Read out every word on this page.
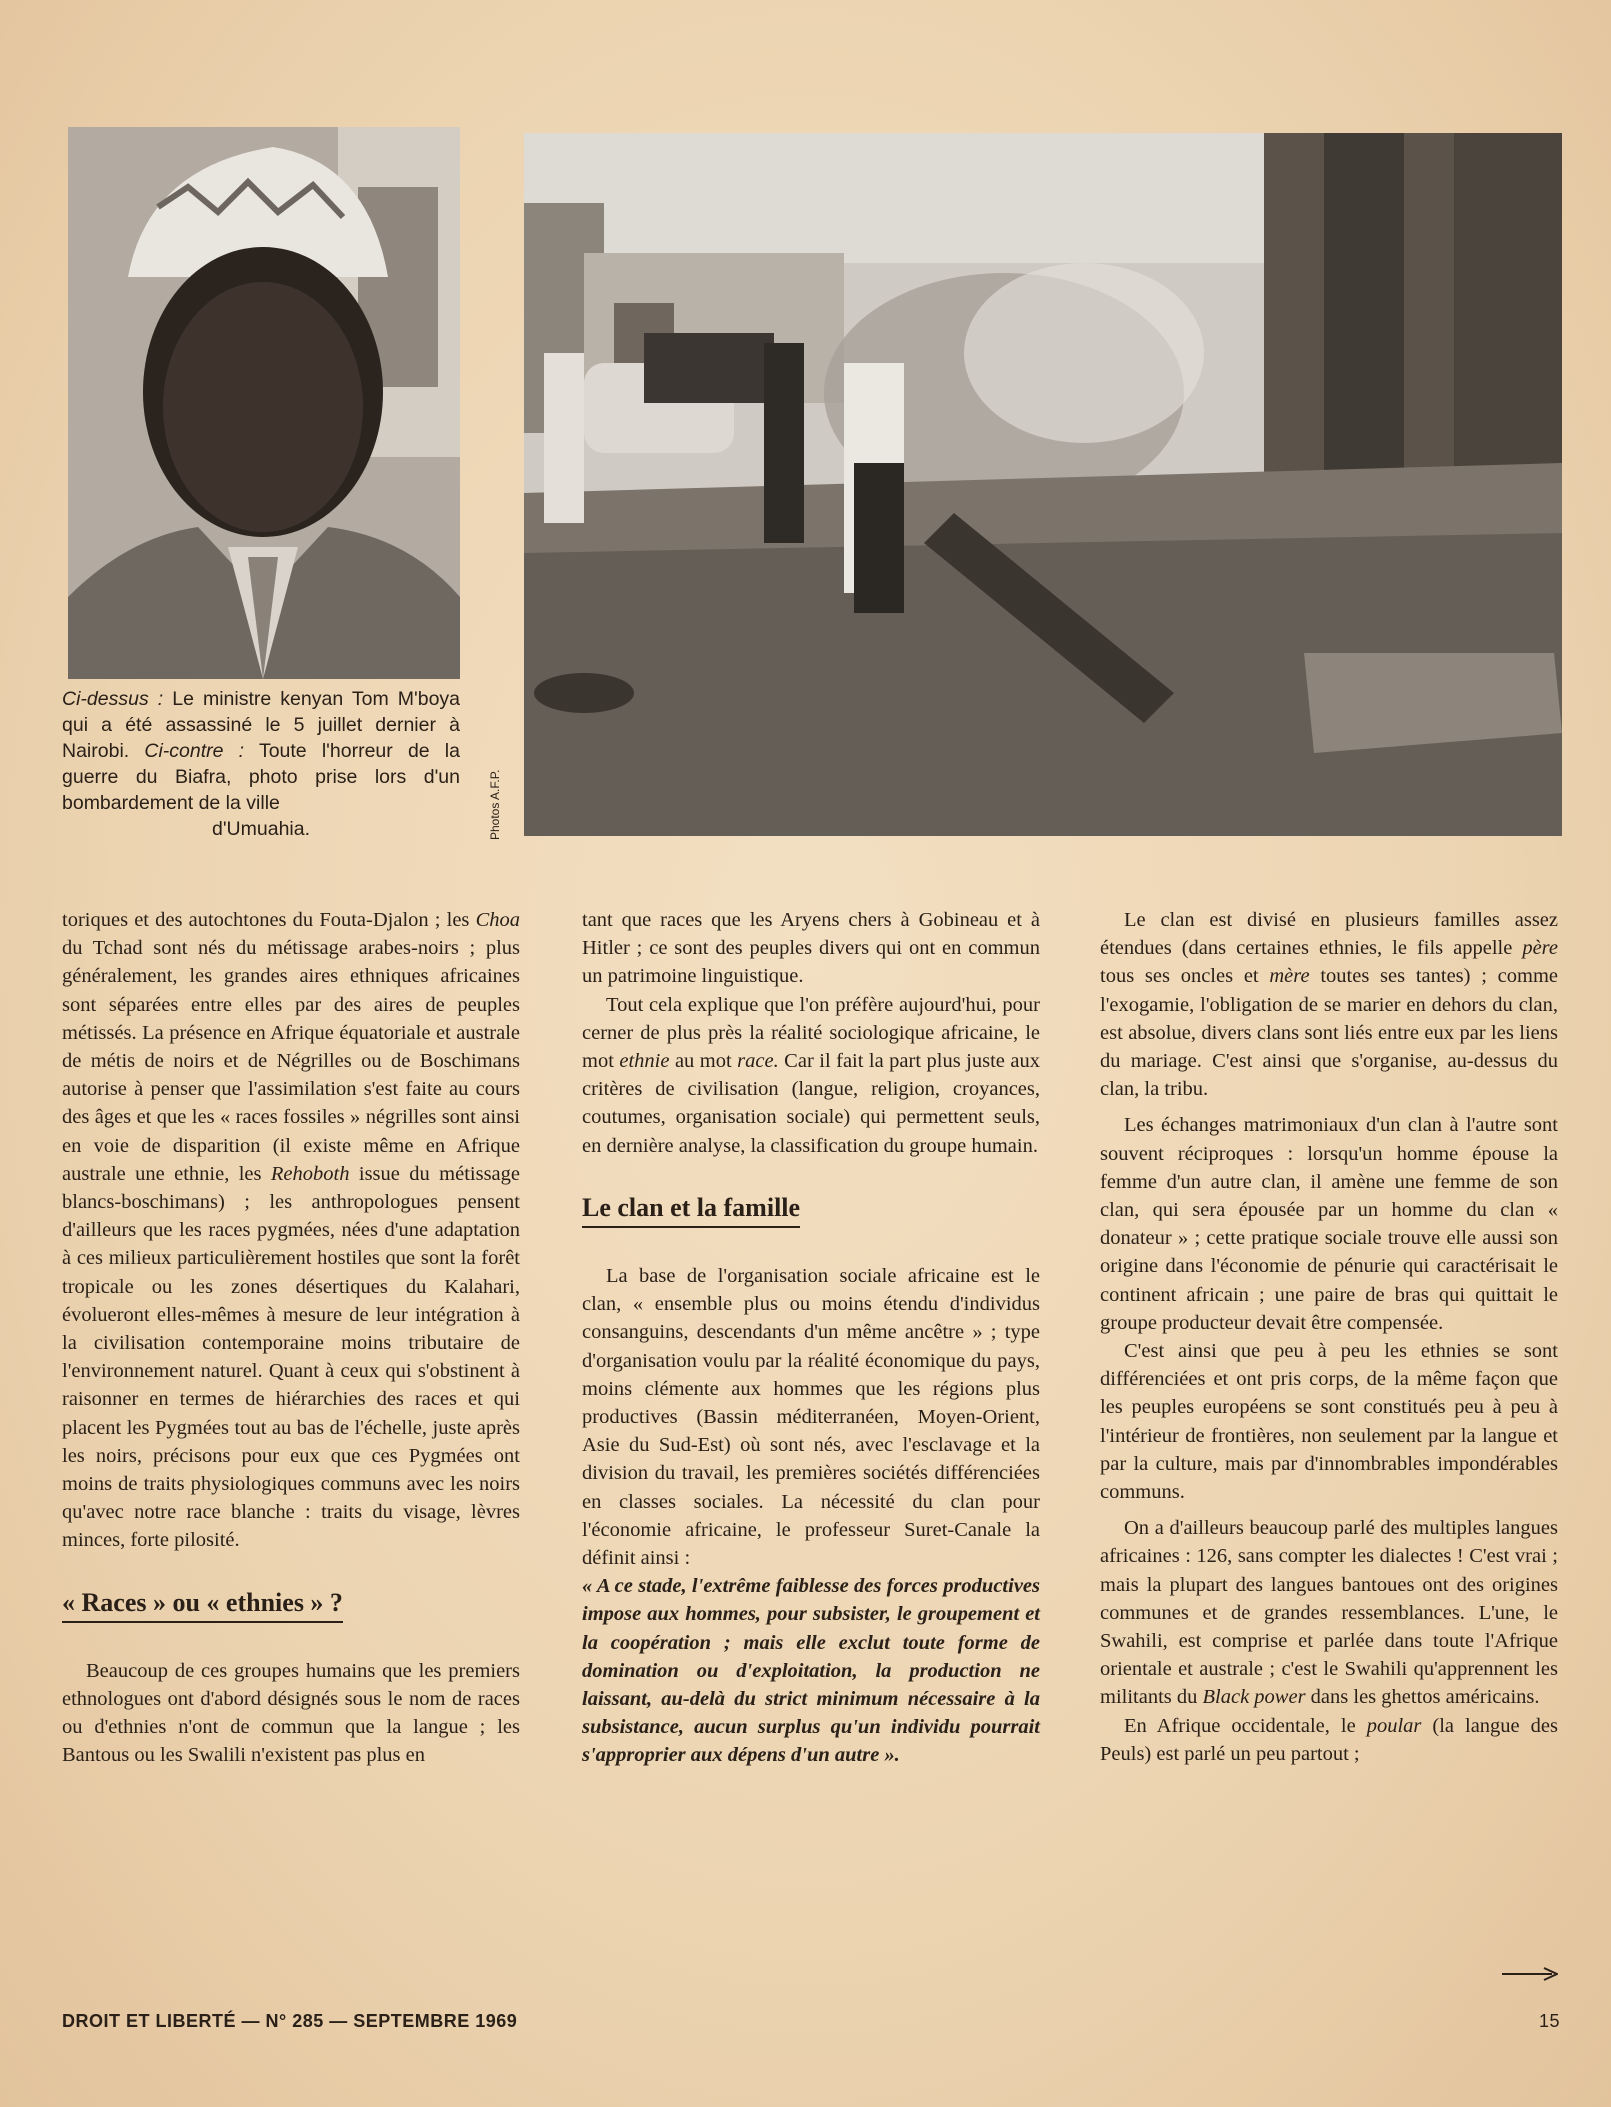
Ci-dessus : Le ministre kenyan Tom M'boya qui a été assassiné le 5 juillet dernier à Nairobi. Ci-contre : Toute l'horreur de la guerre du Biafra, photo prise lors d'un bombardement de la ville
d'Umuahia.	Photos A.F.P.

toriques et des autochtones du Fouta-Djalon ; les Choa du Tchad sont nés du métissage arabes-noirs ; plus généralement, les grandes aires ethniques africaines sont séparées entre elles par des aires de peuples métissés. La présence en Afrique équatoriale et australe de métis de noirs et de Négrilles ou de Boschimans autorise à penser que l'assimilation s'est faite au cours des âges et que les « races fossiles » négrilles sont ainsi en voie de disparition (il existe même en Afrique australe une ethnie, les Rehoboth issue du métissage blancs-boschimans) ; les anthropologues pensent d'ailleurs que les races pygmées, nées d'une adaptation à ces milieux particulièrement hostiles que sont la forêt tropicale ou les zones désertiques du Kalahari, évolueront elles-mêmes à mesure de leur intégration à la civilisation contemporaine moins tributaire de l'environnement naturel. Quant à ceux qui s'obstinent à raisonner en termes de hiérarchies des races et qui placent les Pygmées tout au bas de l'échelle, juste après les noirs, précisons pour eux que ces Pygmées ont moins de traits physiologiques communs avec les noirs qu'avec notre race blanche : traits du visage, lèvres minces, forte pilosité.

« Races » ou « ethnies » ?

Beaucoup de ces groupes humains que les premiers ethnologues ont d'abord désignés sous le nom de races ou d'ethnies n'ont de commun que la langue ; les Bantous ou les Swalili n'existent pas plus en

tant que races que les Aryens chers à Gobineau et à Hitler ; ce sont des peuples divers qui ont en commun un patrimoine linguistique.

Tout cela explique que l'on préfère aujourd'hui, pour cerner de plus près la réalité sociologique africaine, le mot ethnie au mot race. Car il fait la part plus juste aux critères de civilisation (langue, religion, croyances, coutumes, organisation sociale) qui permettent seuls, en dernière analyse, la classification du groupe humain.

Le clan et la famille

La base de l'organisation sociale africaine est le clan, « ensemble plus ou moins étendu d'individus consanguins, descendants d'un même ancêtre » ; type d'organisation voulu par la réalité économique du pays, moins clémente aux hommes que les régions plus productives (Bassin méditerranéen, Moyen-Orient, Asie du Sud-Est) où sont nés, avec l'esclavage et la division du travail, les premières sociétés différenciées en classes sociales. La nécessité du clan pour l'économie africaine, le professeur Suret-Canale la définit ainsi :

« A ce stade, l'extrême faiblesse des forces productives impose aux hommes, pour subsister, le groupement et la coopération ; mais elle exclut toute forme de domination ou d'exploitation, la production ne laissant, au-delà du strict minimum nécessaire à la subsistance, aucun surplus qu'un individu pourrait s'approprier aux dépens d'un autre ».

Le clan est divisé en plusieurs familles assez étendues (dans certaines ethnies, le fils appelle père tous ses oncles et mère toutes ses tantes) ; comme l'exogamie, l'obligation de se marier en dehors du clan, est absolue, divers clans sont liés entre eux par les liens du mariage. C'est ainsi que s'organise, au-dessus du clan, la tribu.

Les échanges matrimoniaux d'un clan à l'autre sont souvent réciproques : lorsqu'un homme épouse la femme d'un autre clan, il amène une femme de son clan, qui sera épousée par un homme du clan « donateur » ; cette pratique sociale trouve elle aussi son origine dans l'économie de pénurie qui caractérisait le continent africain ; une paire de bras qui quittait le groupe producteur devait être compensée.

C'est ainsi que peu à peu les ethnies se sont différenciées et ont pris corps, de la même façon que les peuples européens se sont constitués peu à peu à l'intérieur de frontières, non seulement par la langue et par la culture, mais par d'innombrables impondérables communs.

On a d'ailleurs beaucoup parlé des multiples langues africaines : 126, sans compter les dialectes ! C'est vrai ; mais la plupart des langues bantoues ont des origines communes et de grandes ressemblances. L'une, le Swahili, est comprise et parlée dans toute l'Afrique orientale et australe ; c'est le Swahili qu'apprennent les militants du Black power dans les ghettos américains.

En Afrique occidentale, le poular (la langue des Peuls) est parlé un peu partout ;

DROIT ET LIBERTÉ — N° 285 — SEPTEMBRE 1969	15
